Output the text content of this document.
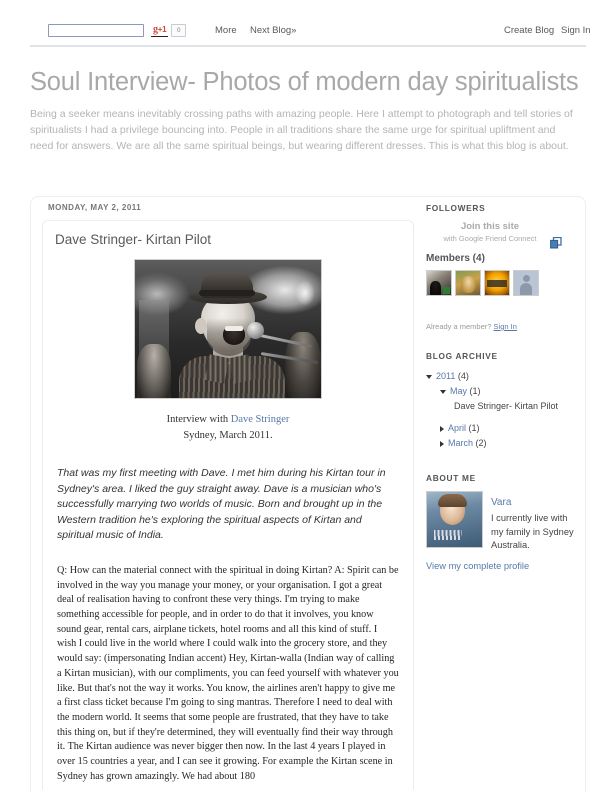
g +1	0	More Next Blog»	Create Blog Sign In
Soul Interview- Photos of modern day spiritualists

Being a seeker means inevitably crossing paths with amazing people. Here I attempt to photograph and tell stories of spiritualists I had a privilege bouncing into. People in all traditions share the same urge for spiritual upliftment and need for answers. We are all the same spiritual beings, but wearing different dresses. This is what this blog is about.

MONDAY, MAY 2, 2011
Dave Stringer- Kirtan Pilot
Interview with Dave Stringer
Sydney, March 2011.

That was my first meeting with Dave. I met him during his Kirtan tour in Sydney's area. I liked the guy straight away. Dave is a musician who's successfully marrying two worlds of music. Born and brought up in the Western tradition he's exploring the spiritual aspects of Kirtan and spiritual music of India.

Q: How can the material connect with the spiritual in doing Kirtan? A: Spirit can be involved in the way you manage your money, or your organisation. I got a great deal of realisation having to confront these very things. I'm trying to make something accessible for people, and in order to do that it involves, you know sound gear, rental cars, airplane tickets, hotel rooms and all this kind of stuff. I wish I could live in the world where I could walk into the grocery store, and they would say: (impersonating Indian accent) Hey, Kirtan-walla (Indian way of calling a Kirtan musician), with our compliments, you can feed yourself with whatever you like. But that's not the way it works. You know, the airlines aren't happy to give me a first class ticket because I'm going to sing mantras. Therefore I need to deal with the modern world. It seems that some people are frustrated, that they have to take this thing on, but if they're determined, they will eventually find their way through it. The Kirtan audience was never bigger then now. In the last 4 years I played in over 15 countries a year, and I can see it growing. For example the Kirtan scene in Sydney has grown amazingly. We had about 180

FOLLOWERS
Join this site
with Google Friend Connect
Members (4)
Already a member? Sign In
BLOG ARCHIVE
2011 (4)
May (1)
Dave Stringer- Kirtan Pilot
April (1)
March (2)
ABOUT ME
Vara

I currently live with my family in Sydney Australia.

View my complete profile
